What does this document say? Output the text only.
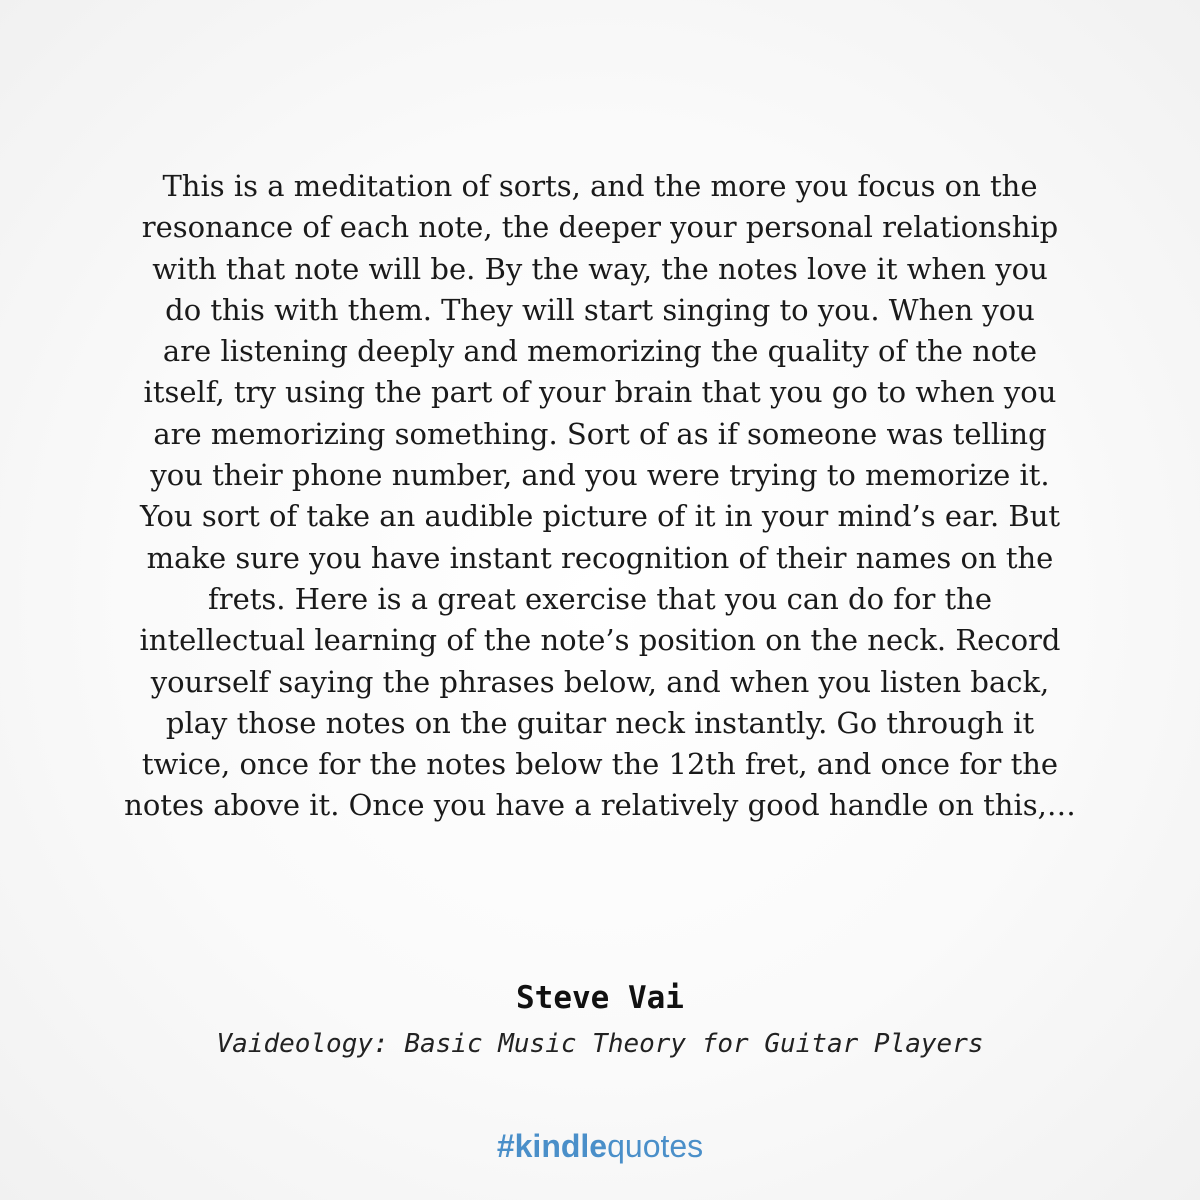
This is a meditation of sorts, and the more you focus on the
resonance of each note, the deeper your personal relationship
with that note will be. By the way, the notes love it when you
do this with them. They will start singing to you. When you
are listening deeply and memorizing the quality of the note
itself, try using the part of your brain that you go to when you
are memorizing something. Sort of as if someone was telling
you their phone number, and you were trying to memorize it.
You sort of take an audible picture of it in your mind’s ear. But
make sure you have instant recognition of their names on the
frets. Here is a great exercise that you can do for the
intellectual learning of the note’s position on the neck. Record
yourself saying the phrases below, and when you listen back,
play those notes on the guitar neck instantly. Go through it
twice, once for the notes below the 12th fret, and once for the
notes above it. Once you have a relatively good handle on this,…

Steve Vai
Vaideology: Basic Music Theory for Guitar Players
#kindlequotes
